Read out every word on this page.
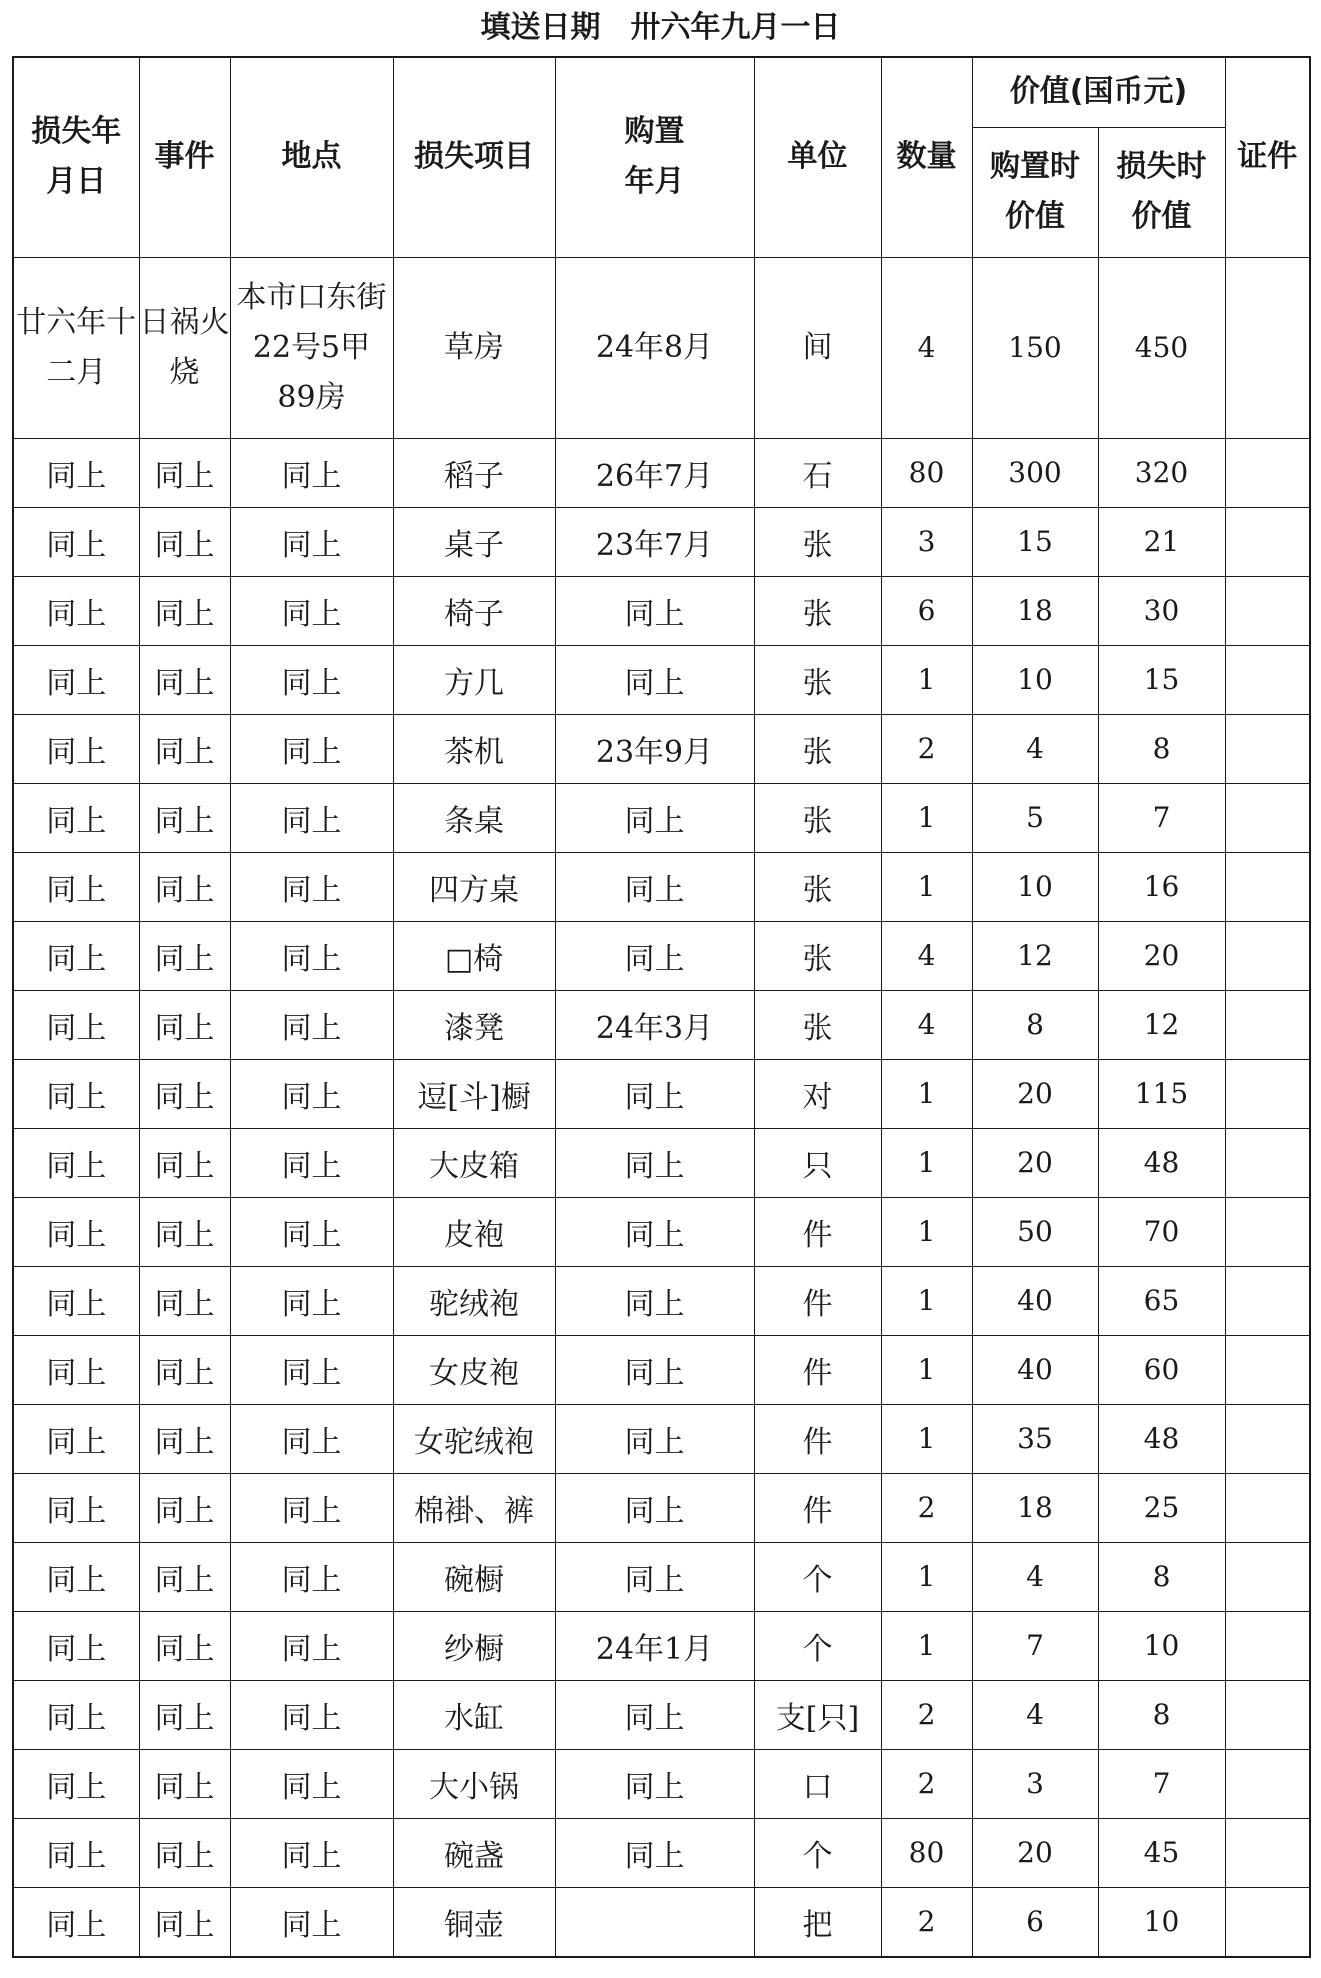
填送日期　卅六年九月一日
损失年月日	事件	地点	损失项目	购置年月	单位	数量	价值(国币元)		证件
							购置时价值	损失时价值	
廿六年十二月	日祸火烧	本市口东街22号5甲89房	草房	24年8月	间	4	150	450	
同上	同上	同上	稻子	26年7月	石	80	300	320	
同上	同上	同上	桌子	23年7月	张	3	15	21	
同上	同上	同上	椅子	同上	张	6	18	30	
同上	同上	同上	方几	同上	张	1	10	15	
同上	同上	同上	茶机	23年9月	张	2	4	8	
同上	同上	同上	条桌	同上	张	1	5	7	
同上	同上	同上	四方桌	同上	张	1	10	16	
同上	同上	同上	□椅	同上	张	4	12	20	
同上	同上	同上	漆凳	24年3月	张	4	8	12	
同上	同上	同上	逗[斗]橱	同上	对	1	20	115	
同上	同上	同上	大皮箱	同上	只	1	20	48	
同上	同上	同上	皮袍	同上	件	1	50	70	
同上	同上	同上	驼绒袍	同上	件	1	40	65	
同上	同上	同上	女皮袍	同上	件	1	40	60	
同上	同上	同上	女驼绒袍	同上	件	1	35	48	
同上	同上	同上	棉褂、裤	同上	件	2	18	25	
同上	同上	同上	碗橱	同上	个	1	4	8	
同上	同上	同上	纱橱	24年1月	个	1	7	10	
同上	同上	同上	水缸	同上	支[只]	2	4	8	
同上	同上	同上	大小锅	同上	口	2	3	7	
同上	同上	同上	碗盏	同上	个	80	20	45	
同上	同上	同上	铜壶		把	2	6	10	
